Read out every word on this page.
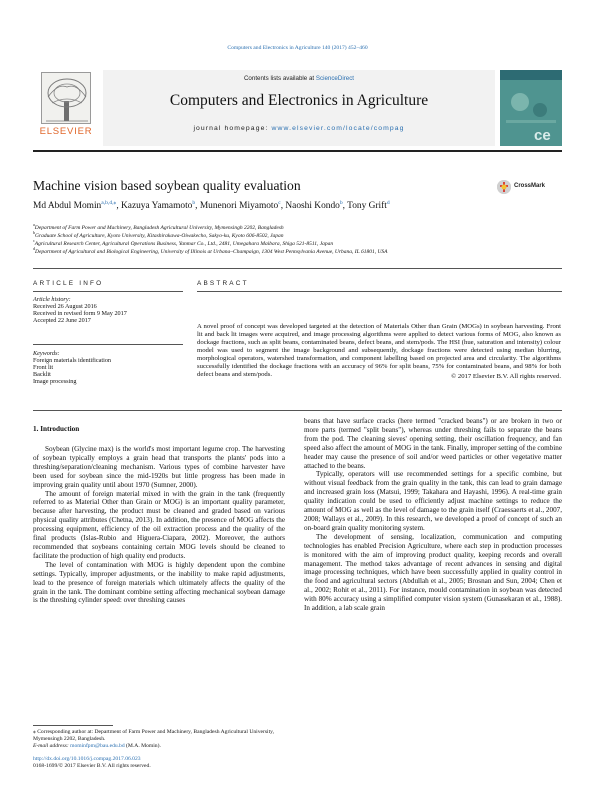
Computers and Electronics in Agriculture 140 (2017) 452–460
ELSEVIER
Contents lists available at ScienceDirect
Computers and Electronics in Agriculture
journal homepage: www.elsevier.com/locate/compag	ce
Machine vision based soybean quality evaluation	CrossMark
Md Abdul Momin$^{a,b,d,⁎}$, Kazuya Yamamoto$^b$, Munenori Miyamoto$^c$, Naoshi Kondo$^b$, Tony Grift$^d$
$^a$Department of Farm Power and Machinery, Bangladesh Agricultural University, Mymensingh 2202, Bangladesh
$^b$Graduate School of Agriculture, Kyoto University, Kitashirakawa-Oiwakecho, Sakyo-ku, Kyoto 606-8502, Japan
$^c$Agricultural Research Center, Agricultural Operations Business, Yanmar Co., Ltd., 2481, Umegahara Maibara, Shiga 521-8511, Japan
$^d$Department of Agricultural and Biological Engineering, University of Illinois at Urbana–Champaign, 1304 West Pennsylvania Avenue, Urbana, IL 61801, USA
ARTICLE INFO
Article history:
Received 26 August 2016
Received in revised form 9 May 2017
Accepted 22 June 2017
Keywords:
Foreign materials identification
Front lit
Backlit
Image processing
ABSTRACT
A novel proof of concept was developed targeted at the detection of Materials Other than Grain (MOGs) in soybean harvesting. Front lit and back lit images were acquired, and image processing algorithms were applied to detect various forms of MOG, also known as dockage fractions, such as split beans, contaminated beans, defect beans, and stem/pods. The HSI (hue, saturation and intensity) colour model was used to segment the image background and subsequently, dockage fractions were detected using median blurring, morphological operators, watershed transformation, and component labelling based on projected area and circularity. The algorithms successfully identified the dockage fractions with an accuracy of 96% for split beans, 75% for contaminated beans, and 98% for both defect beans and stem/pods.	© 2017 Elsevier B.V. All rights reserved.
1. Introduction

Soybean (Glycine max) is the world's most important legume crop. The harvesting of soybean typically employs a grain head that transports the plants' pods into a threshing/separation/cleaning mechanism. Various types of combine harvester have been used for soybean since the mid-1920s but little progress has been made in improving grain quality until about 1970 (Sumner, 2000).

The amount of foreign material mixed in with the grain in the tank (frequently referred to as Material Other than Grain or MOG) is an important quality parameter, because after harvesting, the product must be cleaned and graded based on various physical quality attributes (Chetna, 2013). In addition, the presence of MOG affects the processing equipment, efficiency of the oil extraction process and the quality of the final products (Islas-Rubio and Higuera-Ciapara, 2002). Moreover, the authors recommended that soybeans containing certain MOG levels should be cleaned to facilitate the production of high quality end products.

The level of contamination with MOG is highly dependent upon the combine settings. Typically, improper adjustments, or the inability to make rapid adjustments, lead to the presence of foreign materials which ultimately affects the quality of the grain in the tank. The dominant combine setting affecting mechanical soybean damage is the threshing cylinder speed: over threshing causes

⁎ Corresponding author at: Department of Farm Power and Machinery, Bangladesh Agricultural University, Mymensingh 2202, Bangladesh.
E-mail address: mominfpm@bau.edu.bd (M.A. Momin).

beans that have surface cracks (here termed "cracked beans") or are broken in two or more parts (termed "split beans"), whereas under threshing fails to separate the beans from the pod. The cleaning sieves' opening setting, their oscillation frequency, and fan speed also affect the amount of MOG in the tank. Finally, improper setting of the combine header may cause the presence of soil and/or weed particles or other vegetative matter attached to the beans.

Typically, operators will use recommended settings for a specific combine, but without visual feedback from the grain quality in the tank, this can lead to grain damage and increased grain loss (Matsui, 1999; Takahara and Hayashi, 1996). A real-time grain quality indication could be used to efficiently adjust machine settings to reduce the amount of MOG as well as the level of damage to the grain itself (Craessaerts et al., 2007, 2008; Wallays et al., 2009). In this research, we developed a proof of concept of such an on-board grain quality monitoring system.

The development of sensing, localization, communication and computing technologies has enabled Precision Agriculture, where each step in production processes is monitored with the aim of improving product quality, keeping records and overall management. The method takes advantage of recent advances in sensing and digital image processing techniques, which have been successfully applied in quality control in the food and agricultural sectors (Abdullah et al., 2005; Brosnan and Sun, 2004; Chen et al., 2002; Rohit et al., 2011). For instance, mould contamination in soybean was detected with 80% accuracy using a simplified computer vision system (Gunasekaran et al., 1988). In addition, a lab scale grain

http://dx.doi.org/10.1016/j.compag.2017.06.023
0168-1699/© 2017 Elsevier B.V. All rights reserved.
